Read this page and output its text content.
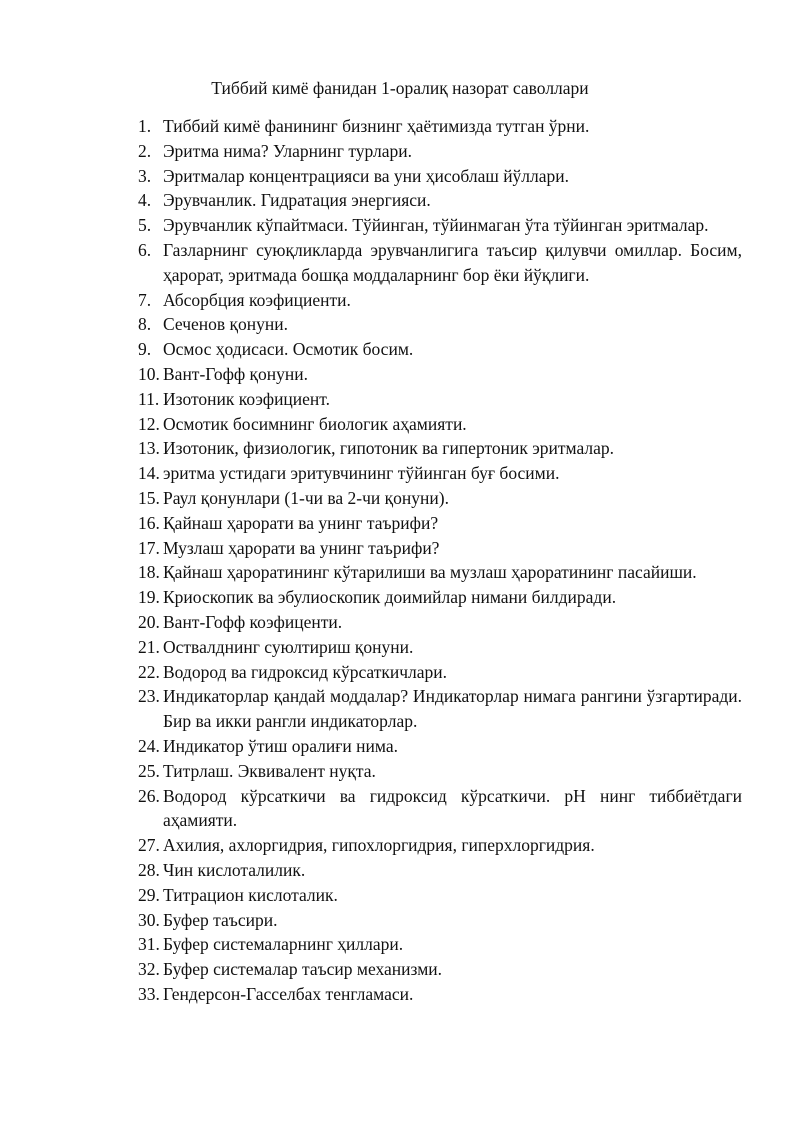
Тиббий кимё фанидан 1-оралиқ назорат саволлари
1. Тиббий кимё фанининг бизнинг ҳаётимизда тутган ўрни.
2. Эритма нима? Уларнинг турлари.
3. Эритмалар концентрацияси ва уни ҳисоблаш йўллари.
4. Эрувчанлик. Гидратация энергияси.
5. Эрувчанлик кўпайтмаси. Тўйинган, тўйинмаган ўта тўйинган эритмалар.
6. Газларнинг суюқликларда эрувчанлигига таъсир қилувчи омиллар. Босим, ҳарорат, эритмада бошқа моддаларнинг бор ёки йўқлиги.
7. Абсорбция коэфициенти.
8. Сеченов қонуни.
9. Осмос ҳодисаси. Осмотик босим.
10. Вант-Гофф қонуни.
11. Изотоник коэфициент.
12. Осмотик босимнинг биологик аҳамияти.
13. Изотоник, физиологик, гипотоник ва гипертоник эритмалар.
14. эритма устидаги эритувчининг тўйинган буғ босими.
15. Раул қонунлари (1-чи ва 2-чи қонуни).
16. Қайнаш ҳарорати ва унинг таърифи?
17. Музлаш ҳарорати ва унинг таърифи?
18. Қайнаш ҳароратининг кўтарилиши ва музлаш ҳароратининг пасайиши.
19. Криоскопик ва эбулиоскопик доимийлар нимани билдиради.
20. Вант-Гофф коэфиценти.
21. Оствалднинг суюлтириш қонуни.
22. Водород ва гидроксид кўрсаткичлари.
23. Индикаторлар қандай моддалар? Индикаторлар нимага рангини ўзгартиради. Бир ва икки рангли индикаторлар.
24. Индикатор ўтиш оралиғи нима.
25. Титрлаш. Эквивалент нуқта.
26. Водород кўрсаткичи ва гидроксид кўрсаткичи. pH нинг тиббиётдаги аҳамияти.
27. Ахилия, ахлоргидрия, гипохлоргидрия, гиперхлоргидрия.
28. Чин кислоталилик.
29. Титрацион кислоталик.
30. Буфер таъсири.
31. Буфер системаларнинг ҳиллари.
32. Буфер системалар таъсир механизми.
33. Гендерсон-Гасселбах тенгламаси.
